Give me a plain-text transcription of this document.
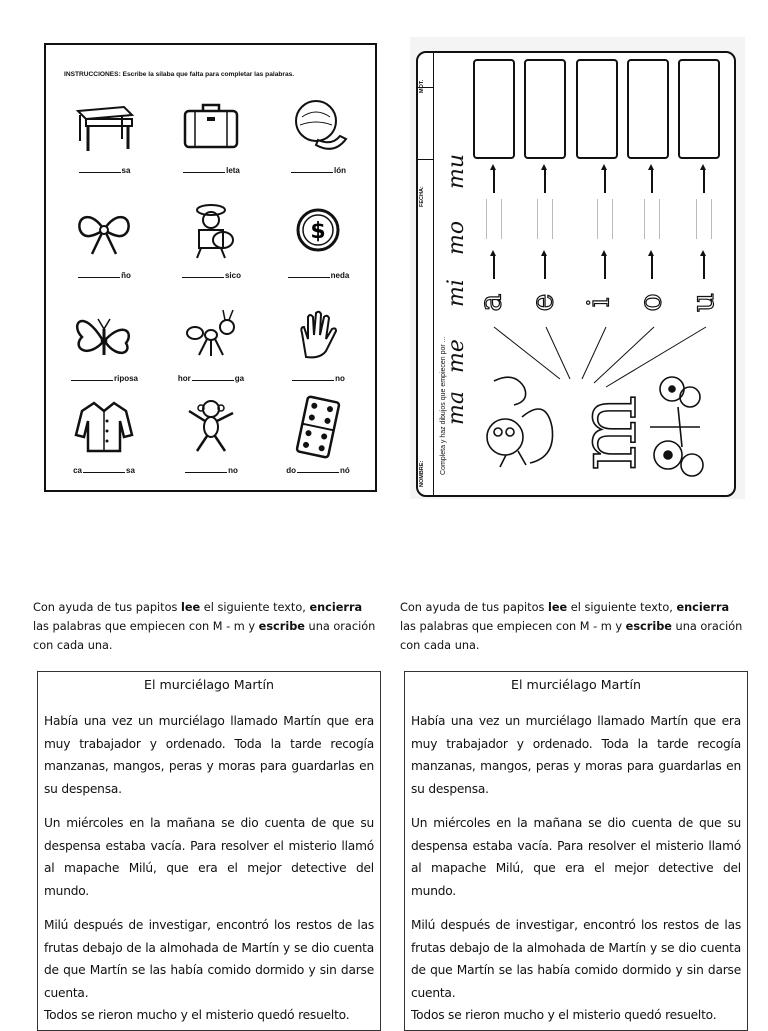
INSTRUCCIONES: Escribe la sílaba que falta para completar las palabras.
sa	leta	lón
ño	sico
$
neda
riposa	hor	ga	no
ca	sa	no	do	nó	NOMBRE:
FECHA:
MOT.
Completa y haz dibujos que empiecen por ...
ma
me
mi
mo
mu
a e i o u
m
Con ayuda de tus papitos lee el siguiente texto, encierra las palabras que empiecen con M - m y escribe una oración con cada una.
Con ayuda de tus papitos lee el siguiente texto, encierra las palabras que empiecen con M - m y escribe una oración con cada una.
El murciélago Martín

Había una vez un murciélago llamado Martín que era muy trabajador y ordenado. Toda la tarde recogía manzanas, mangos, peras y moras para guardarlas en su despensa.

Un miércoles en la mañana se dio cuenta de que su despensa estaba vacía. Para resolver el misterio llamó al mapache Milú, que era el mejor detective del mundo.

Milú después de investigar, encontró los restos de las frutas debajo de la almohada de Martín y se dio cuenta de que Martín se las había comido dormido y sin darse cuenta.

Todos se rieron mucho y el misterio quedó resuelto.

El murciélago Martín

Había una vez un murciélago llamado Martín que era muy trabajador y ordenado. Toda la tarde recogía manzanas, mangos, peras y moras para guardarlas en su despensa.

Un miércoles en la mañana se dio cuenta de que su despensa estaba vacía. Para resolver el misterio llamó al mapache Milú, que era el mejor detective del mundo.

Milú después de investigar, encontró los restos de las frutas debajo de la almohada de Martín y se dio cuenta de que Martín se las había comido dormido y sin darse cuenta.

Todos se rieron mucho y el misterio quedó resuelto.
